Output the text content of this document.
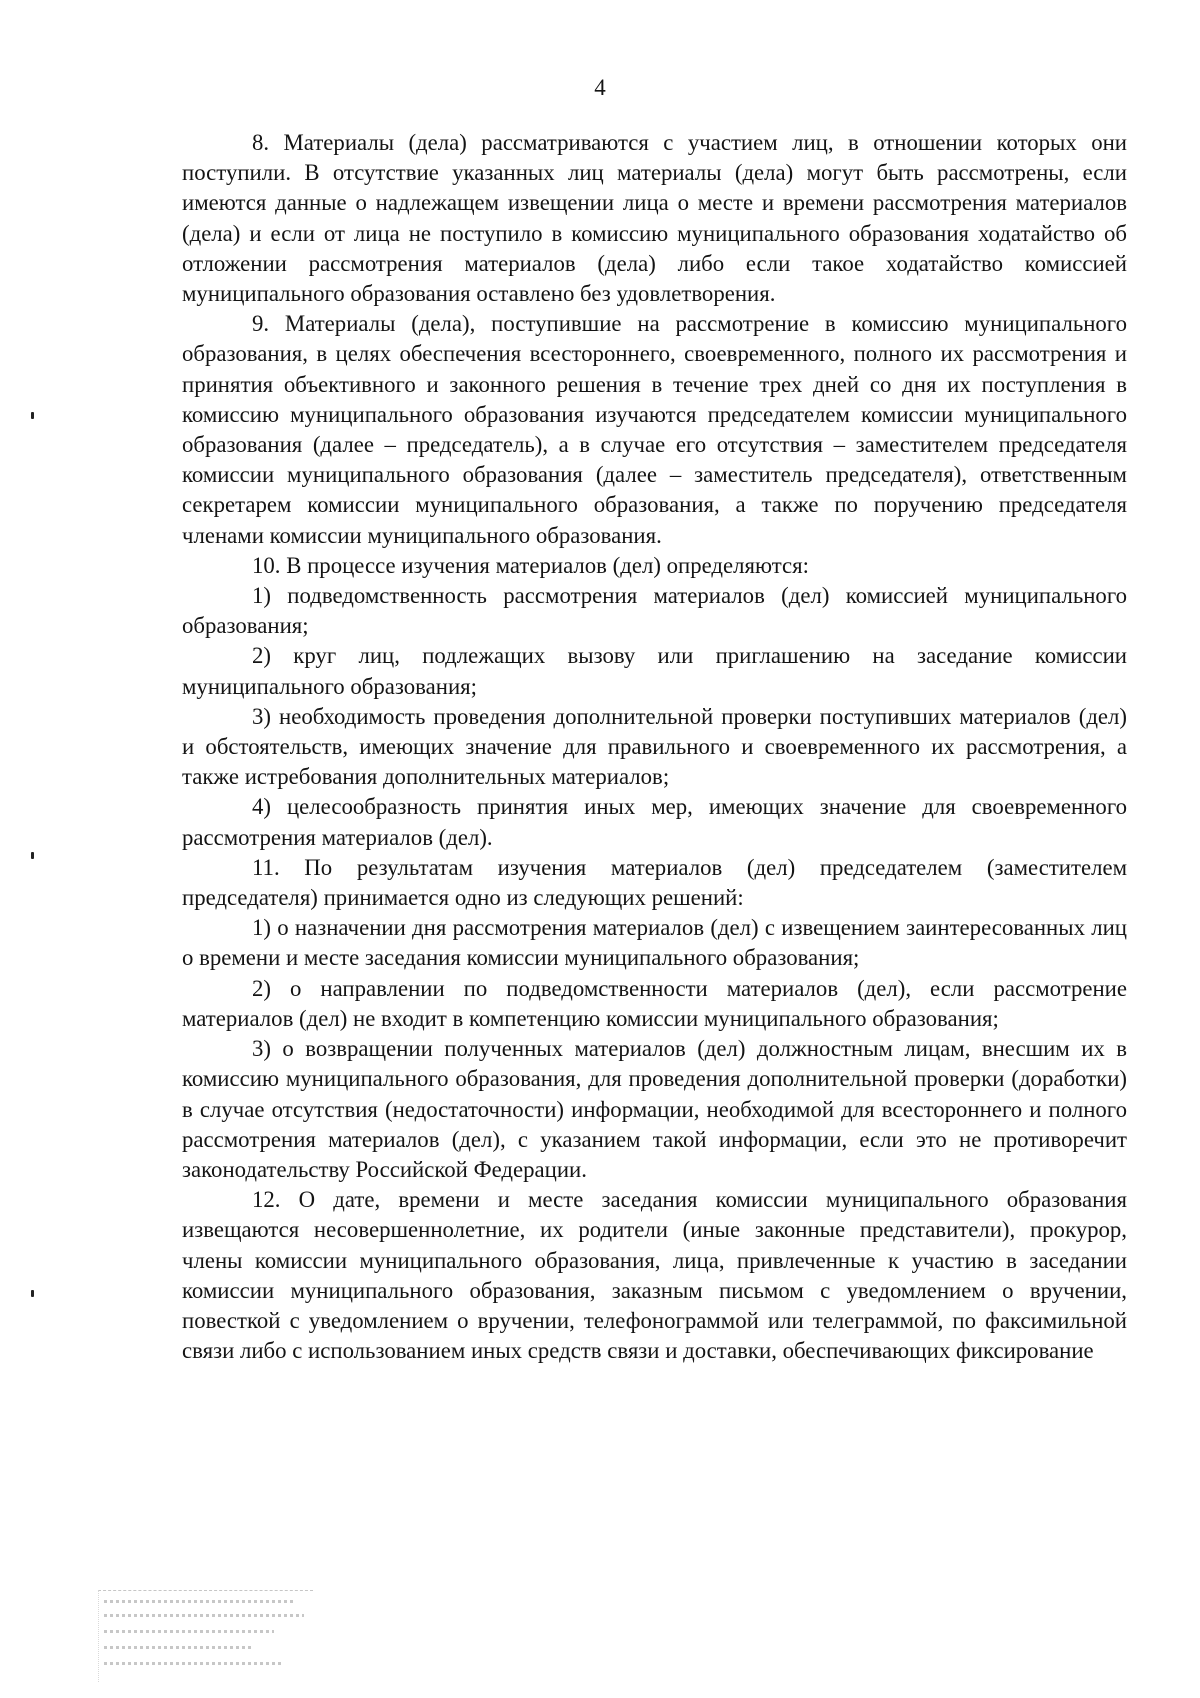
4

8. Материалы (дела) рассматриваются с участием лиц, в отношении которых они поступили. В отсутствие указанных лиц материалы (дела) могут быть рассмотрены, если имеются данные о надлежащем извещении лица о месте и времени рассмотрения материалов (дела) и если от лица не поступило в комиссию муниципального образования ходатайство об отложении рассмотрения материалов (дела) либо если такое ходатайство комиссией муниципального образования оставлено без удовлетворения.

9. Материалы (дела), поступившие на рассмотрение в комиссию муниципального образования, в целях обеспечения всестороннего, своевременного, полного их рассмотрения и принятия объективного и законного решения в течение трех дней со дня их поступления в комиссию муниципального образования изучаются председателем комиссии муниципального образования (далее – председатель), а в случае его отсутствия – заместителем председателя комиссии муниципального образования (далее – заместитель председателя), ответственным секретарем комиссии муниципального образования, а также по поручению председателя членами комиссии муниципального образования.

10. В процессе изучения материалов (дел) определяются:

1) подведомственность рассмотрения материалов (дел) комиссией муниципального образования;

2) круг лиц, подлежащих вызову или приглашению на заседание комиссии муниципального образования;

3) необходимость проведения дополнительной проверки поступивших материалов (дел) и обстоятельств, имеющих значение для правильного и своевременного их рассмотрения, а также истребования дополнительных материалов;

4) целесообразность принятия иных мер, имеющих значение для своевременного рассмотрения материалов (дел).

11. По результатам изучения материалов (дел) председателем (заместителем председателя) принимается одно из следующих решений:

1) о назначении дня рассмотрения материалов (дел) с извещением заинтересованных лиц о времени и месте заседания комиссии муниципального образования;

2) о направлении по подведомственности материалов (дел), если рассмотрение материалов (дел) не входит в компетенцию комиссии муниципального образования;

3) о возвращении полученных материалов (дел) должностным лицам, внесшим их в комиссию муниципального образования, для проведения дополнительной проверки (доработки) в случае отсутствия (недостаточности) информации, необходимой для всестороннего и полного рассмотрения материалов (дел), с указанием такой информации, если это не противоречит законодательству Российской Федерации.

12. О дате, времени и месте заседания комиссии муниципального образования извещаются несовершеннолетние, их родители (иные законные представители), прокурор, члены комиссии муниципального образования, лица, привлеченные к участию в заседании комиссии муниципального образования, заказным письмом с уведомлением о вручении, повесткой с уведомлением о вручении, телефонограммой или телеграммой, по факсимильной связи либо с использованием иных средств связи и доставки, обеспечивающих фиксирование
